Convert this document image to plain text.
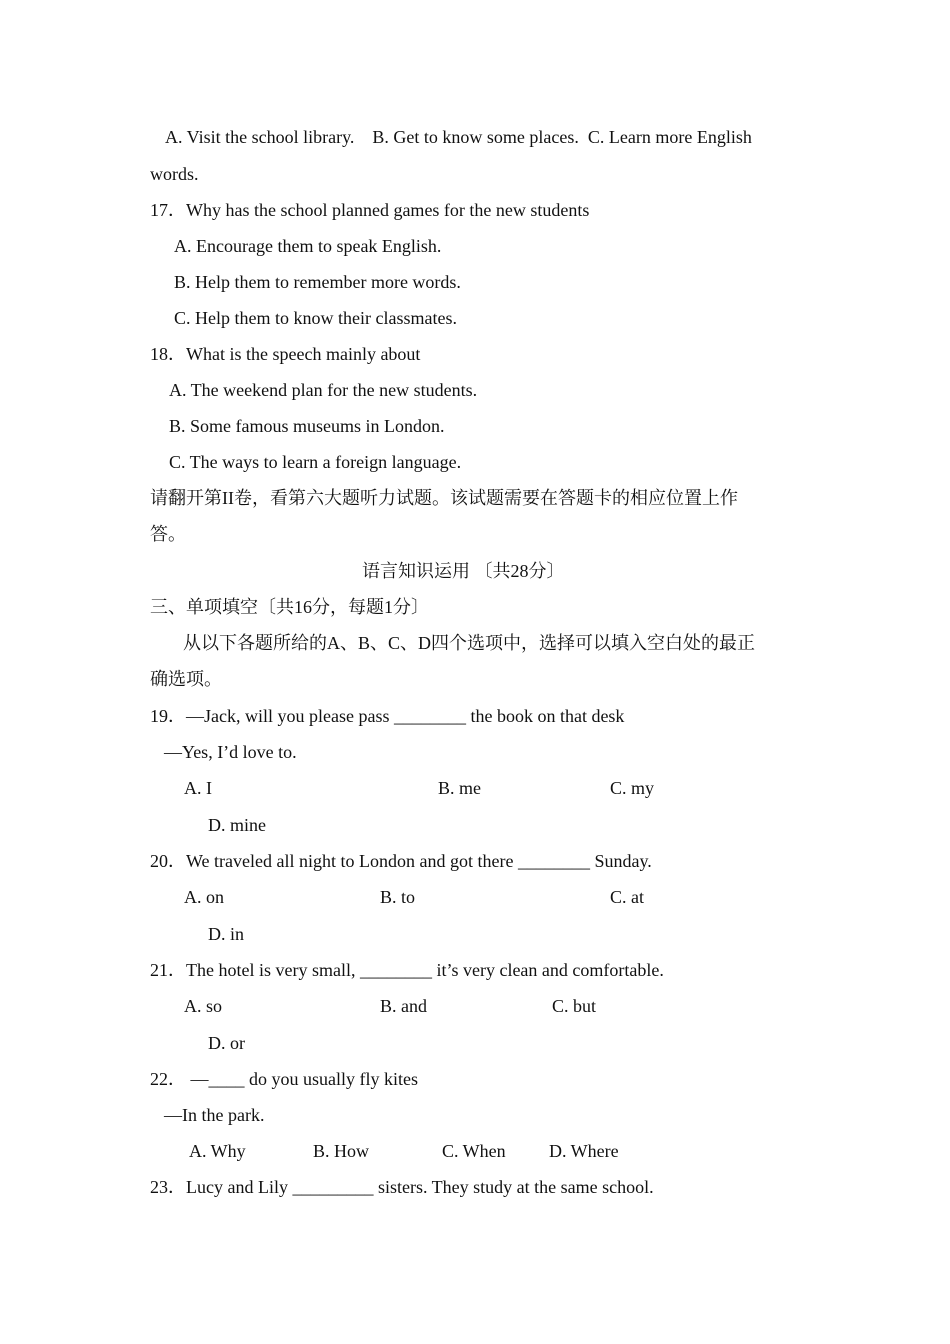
A. Visit the school library.    B. Get to know some places.  C. Learn more English
words.
17．Why has the school planned games for the new students
A. Encourage them to speak English.
B. Help them to remember more words.
C. Help them to know their classmates.
18．What is the speech mainly about
A. The weekend plan for the new students.
B. Some famous museums in London.
C. The ways to learn a foreign language.
请翻开第II卷，看第六大题听力试题。该试题需要在答题卡的相应位置上作
答。
语言知识运用 〔共28分〕
三、单项填空〔共16分，每题1分〕
从以下各题所给的A、B、C、D四个选项中，选择可以填入空白处的最正
确选项。
19．—Jack, will you please pass ________ the book on that desk
—Yes, I’d love to.
A. I	B. me	C. my
D. mine
20．We traveled all night to London and got there ________ Sunday.
A. on	B. to	C. at
D. in
21．The hotel is very small, ________ it’s very clean and comfortable.
A. so	B. and	C. but
D. or
22． —____ do you usually fly kites
—In the park.
A. Why	B. How	C. When D. Where
23．Lucy and Lily _________ sisters. They study at the same school.
